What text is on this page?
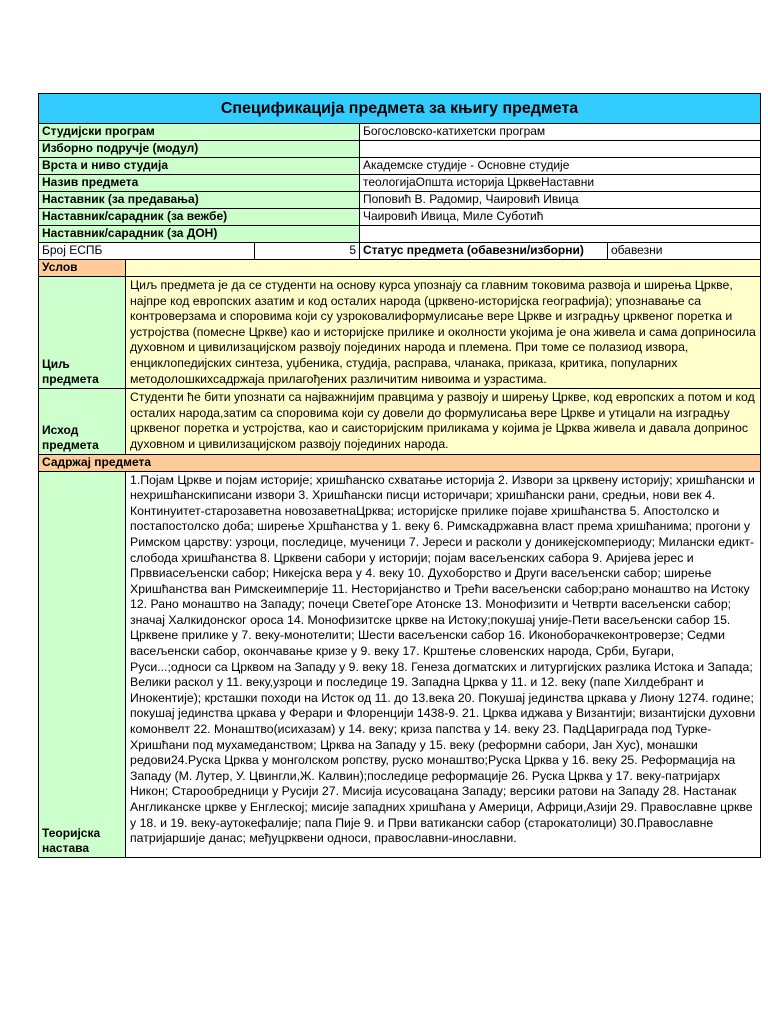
Спецификација предмета за књигу предмета				
Студијски програм			Богословско-катихетски програм	
Изборно подручје (модул)				
Врста и ниво студија			Академске студије - Основне студије	
Назив предмета			теологијаОпшта историја ЦрквеНаставни	
Наставник (за предавања)			Поповић В. Радомир, Чаировић Ивица	
Наставник/сарадник (за вежбе)			Чаировић Ивица, Миле Суботић	
Наставник/сарадник (за ДОН)				
Број ЕСПБ		5	Статус предмета (обавезни/изборни)	обавезни
Услов				

Циљ
предмета	Циљ предмета је да се студенти на основу курса упознају са главним токовима развоја и ширења Цркве, најпре код европских азатим и код осталих народа (црквено-историјска географија); упознавање са контроверзама и споровима који су узроковалиформулисање вере Цркве и изградњу црквеног поретка и устројства (помесне Цркве) као и историјске прилике и околности укојима је она живела и сама доприносила духовном и цивилизацијском развоју појединих народа и племена. При томе се полазиод извора, енциклопедијских синтеза, уџбеника, студија, расправа, чланака, приказа, критика, популарних методолошкихсадржаја прилагођених различитим нивоима и узрастима.			

Исход
предмета	Студенти ће бити упознати са најважнијим правцима у развоју и ширењу Цркве, код европских а потом и код осталих народа,затим са споровима који су довели до формулисања вере Цркве и утицали на изградњу црквеног поретка и устројства, као и саисторијским приликама у којима је Црква живела и давала допринос духовном и цивилизацијском развоју појединих народа.			
Садржај предмета				

Теоријска
настава	1.Појам Цркве и појам историје; хришћанско схватање историја 2. Извори за црквену историју; хришћански и нехришћанскиписани извори 3. Хришћански писци историчари; хришћански рани, средњи, нови век 4. Континуитет-старозаветна новозаветнаЦрква; историјске прилике појаве хришћанства 5. Апостолско и постапостолско доба; ширење Хршћанства у 1. веку 6. Римскадржавна власт према хришћанима; прогони у Римском царству: узроци, последице, мученици 7. Јереси и расколи у доникејскомпериоду; Милански едикт-слобода хришћанства 8. Црквени сабори у историји; појам васељенских сабора 9. Аријева јерес и Прввиасељенски сабор; Никејска вера у 4. веку 10. Духоборство и Други васељенски сабор; ширење Хришћанства ван Римскеимперије 11. Несторијанство и Трећи васељенски сабор;рано монаштво на Истоку 12. Рано монаштво на Западу; почеци СветеГоре Атонске 13. Монофизити и Четврти васељенски сабор; значај Халкидонског ороса 14. Монофизитске цркве на Истоку;покушај уније-Пети васељенски сабор 15. Црквене прилике у 7. веку-монотелити; Шести васељенски сабор 16. Иконоборачкеконтроверзе; Седми васељенски сабор, окончавање кризе у 9. веку 17. Крштење словенских народа, Срби, Бугари, Руси...;односи са Црквом на Западу у 9. веку 18. Генеза догматских и литургијских разлика Истока и Запада; Велики раскол у 11. веку,узроци и последице 19. Западна Црква у 11. и 12. веку (папе Хилдебрант и Инокентије); крсташки походи на Исток од 11. до 13.века 20. Покушај јединства цркава у Лиону 1274. године; покушај јединства цркава у Ферари и Флоренцији 1438-9. 21. Црква иджава у Византији; византијски духовни комонвелт 22. Монаштво(исихазам) у 14. веку; криза папства у 14. веку 23. ПадЦариграда под Турке- Хришћани под мухамеданством; Црква на Западу у 15. веку (реформни сабори, Јан Хус), монашки редови24.Руска Црква у монголском ропству, руско монаштво;Руска Црква у 16. веку 25. Реформација на Западу (М. Лутер, У. Цвингли,Ж. Калвин);последице реформације 26. Руска Црква у 17. веку-патријарх Никон; Старообредници у Русији 27. Мисија исусовацана Западу; версики ратови на Западу 28. Настанак Англиканске цркве у Енглеској; мисије западних хришћана у Америци, Африци,Азији 29. Православне цркве у 18. и 19. веку-аутокефалије; папа Пије 9. и Први ватикански сабор (старокатолици) 30.Православне патријаршије данас; међуцрквени односи, православни-инославни.			
